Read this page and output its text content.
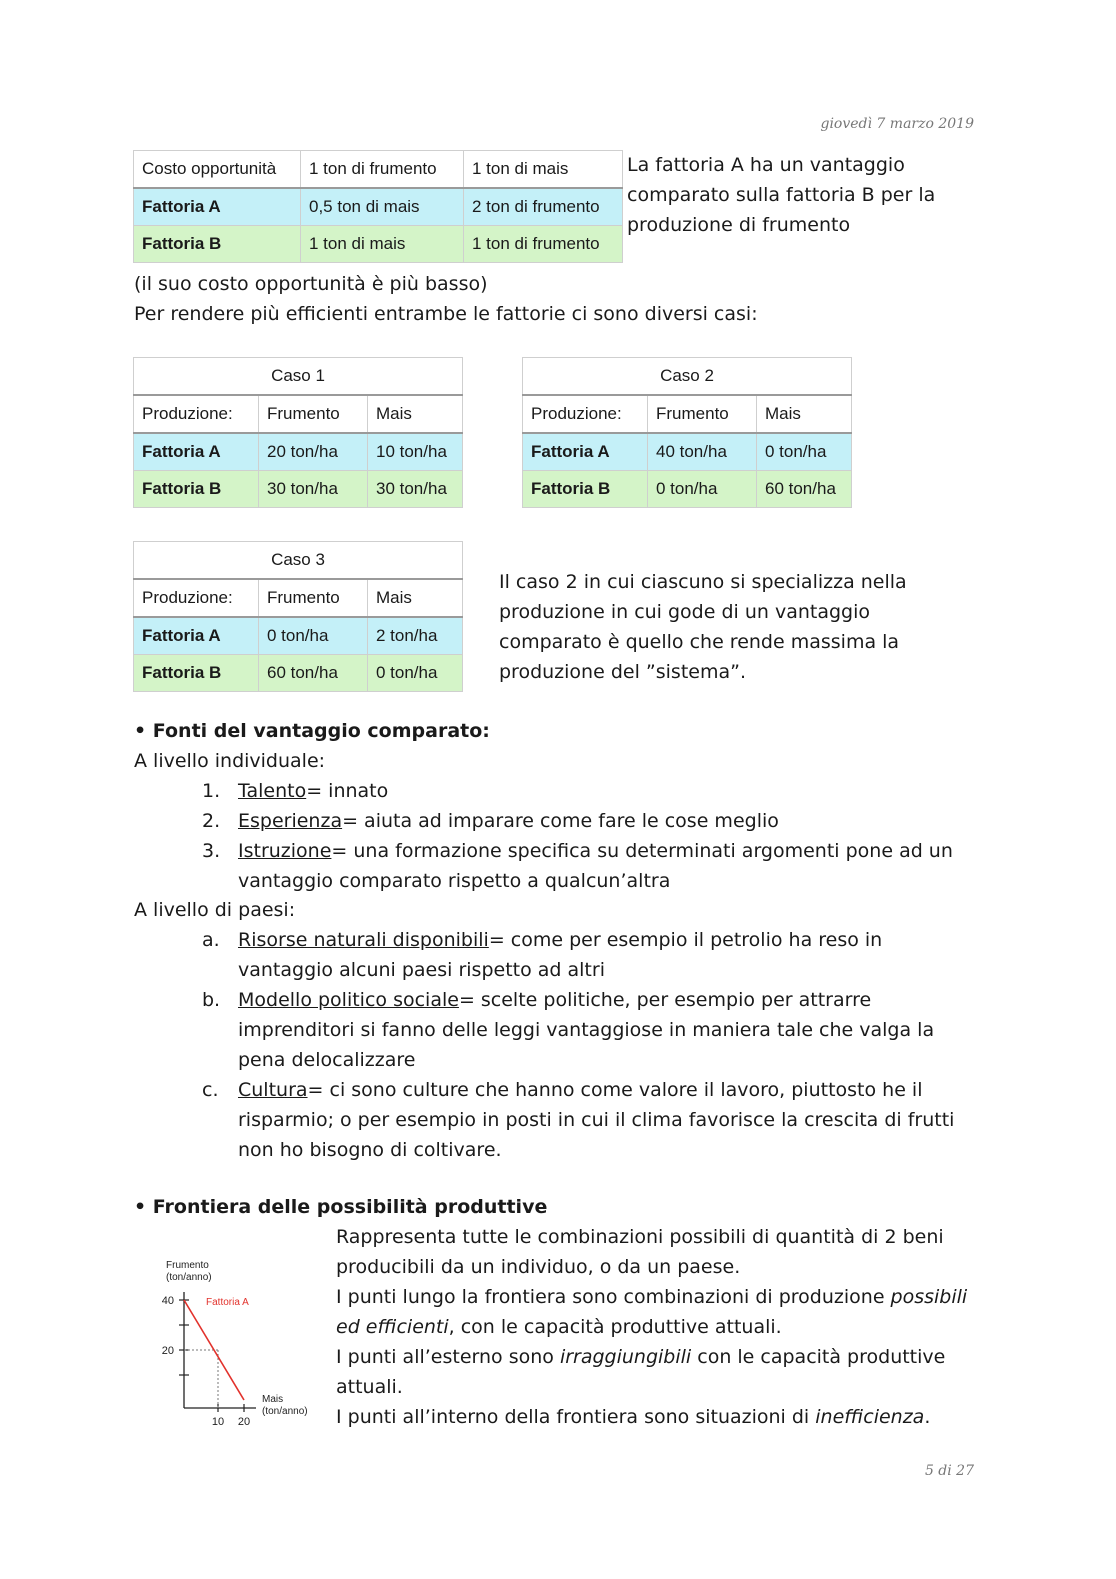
giovedì 7 marzo 2019
Costo opportunità	1 ton di frumento	1 ton di mais
Fattoria A	0,5 ton di mais	2 ton di frumento
Fattoria B	1 ton di mais	1 ton di frumento
La fattoria A ha un vantaggio comparato sulla fattoria B per la produzione di frumento
(il suo costo opportunità è più basso)
Per rendere più efficienti entrambe le fattorie ci sono diversi casi:
Caso 1		
Produzione:	Frumento	Mais
Fattoria A	20 ton/ha	10 ton/ha
Fattoria B	30 ton/ha	30 ton/ha
Caso 2		
Produzione:	Frumento	Mais
Fattoria A	40 ton/ha	0 ton/ha
Fattoria B	0 ton/ha	60 ton/ha
Caso 3		
Produzione:	Frumento	Mais
Fattoria A	0 ton/ha	2 ton/ha
Fattoria B	60 ton/ha	0 ton/ha
Il caso 2 in cui ciascuno si specializza nella produzione in cui gode di un vantaggio comparato è quello che rende massima la produzione del ”sistema”.
• Fonti del vantaggio comparato:
A livello individuale:
1. Talento= innato
2. Esperienza= aiuta ad imparare come fare le cose meglio
3. Istruzione= una formazione specifica su determinati argomenti pone ad un vantaggio comparato rispetto a qualcun’altra
A livello di paesi:
a. Risorse naturali disponibili= come per esempio il petrolio ha reso in vantaggio alcuni paesi rispetto ad altri
b. Modello politico sociale= scelte politiche, per esempio per attrarre imprenditori si fanno delle leggi vantaggiose in maniera tale che valga la pena delocalizzare
c. Cultura= ci sono culture che hanno come valore il lavoro, piuttosto he il risparmio; o per esempio in posti in cui il clima favorisce la crescita di frutti non ho bisogno di coltivare.
• Frontiera delle possibilità produttive
Rappresenta tutte le combinazioni possibili di quantità di 2 beni producibili da un individuo, o da un paese.
I punti lungo la frontiera sono combinazioni di produzione possibili ed efficienti, con le capacità produttive attuali.
I punti all’esterno sono irraggiungibili con le capacità produttive attuali.
I punti all’interno della frontiera sono situazioni di inefficienza.
Frumento
(ton/anno)
Mais
(ton/anno)
Fattoria A
40
20
10 20
5 di 27
